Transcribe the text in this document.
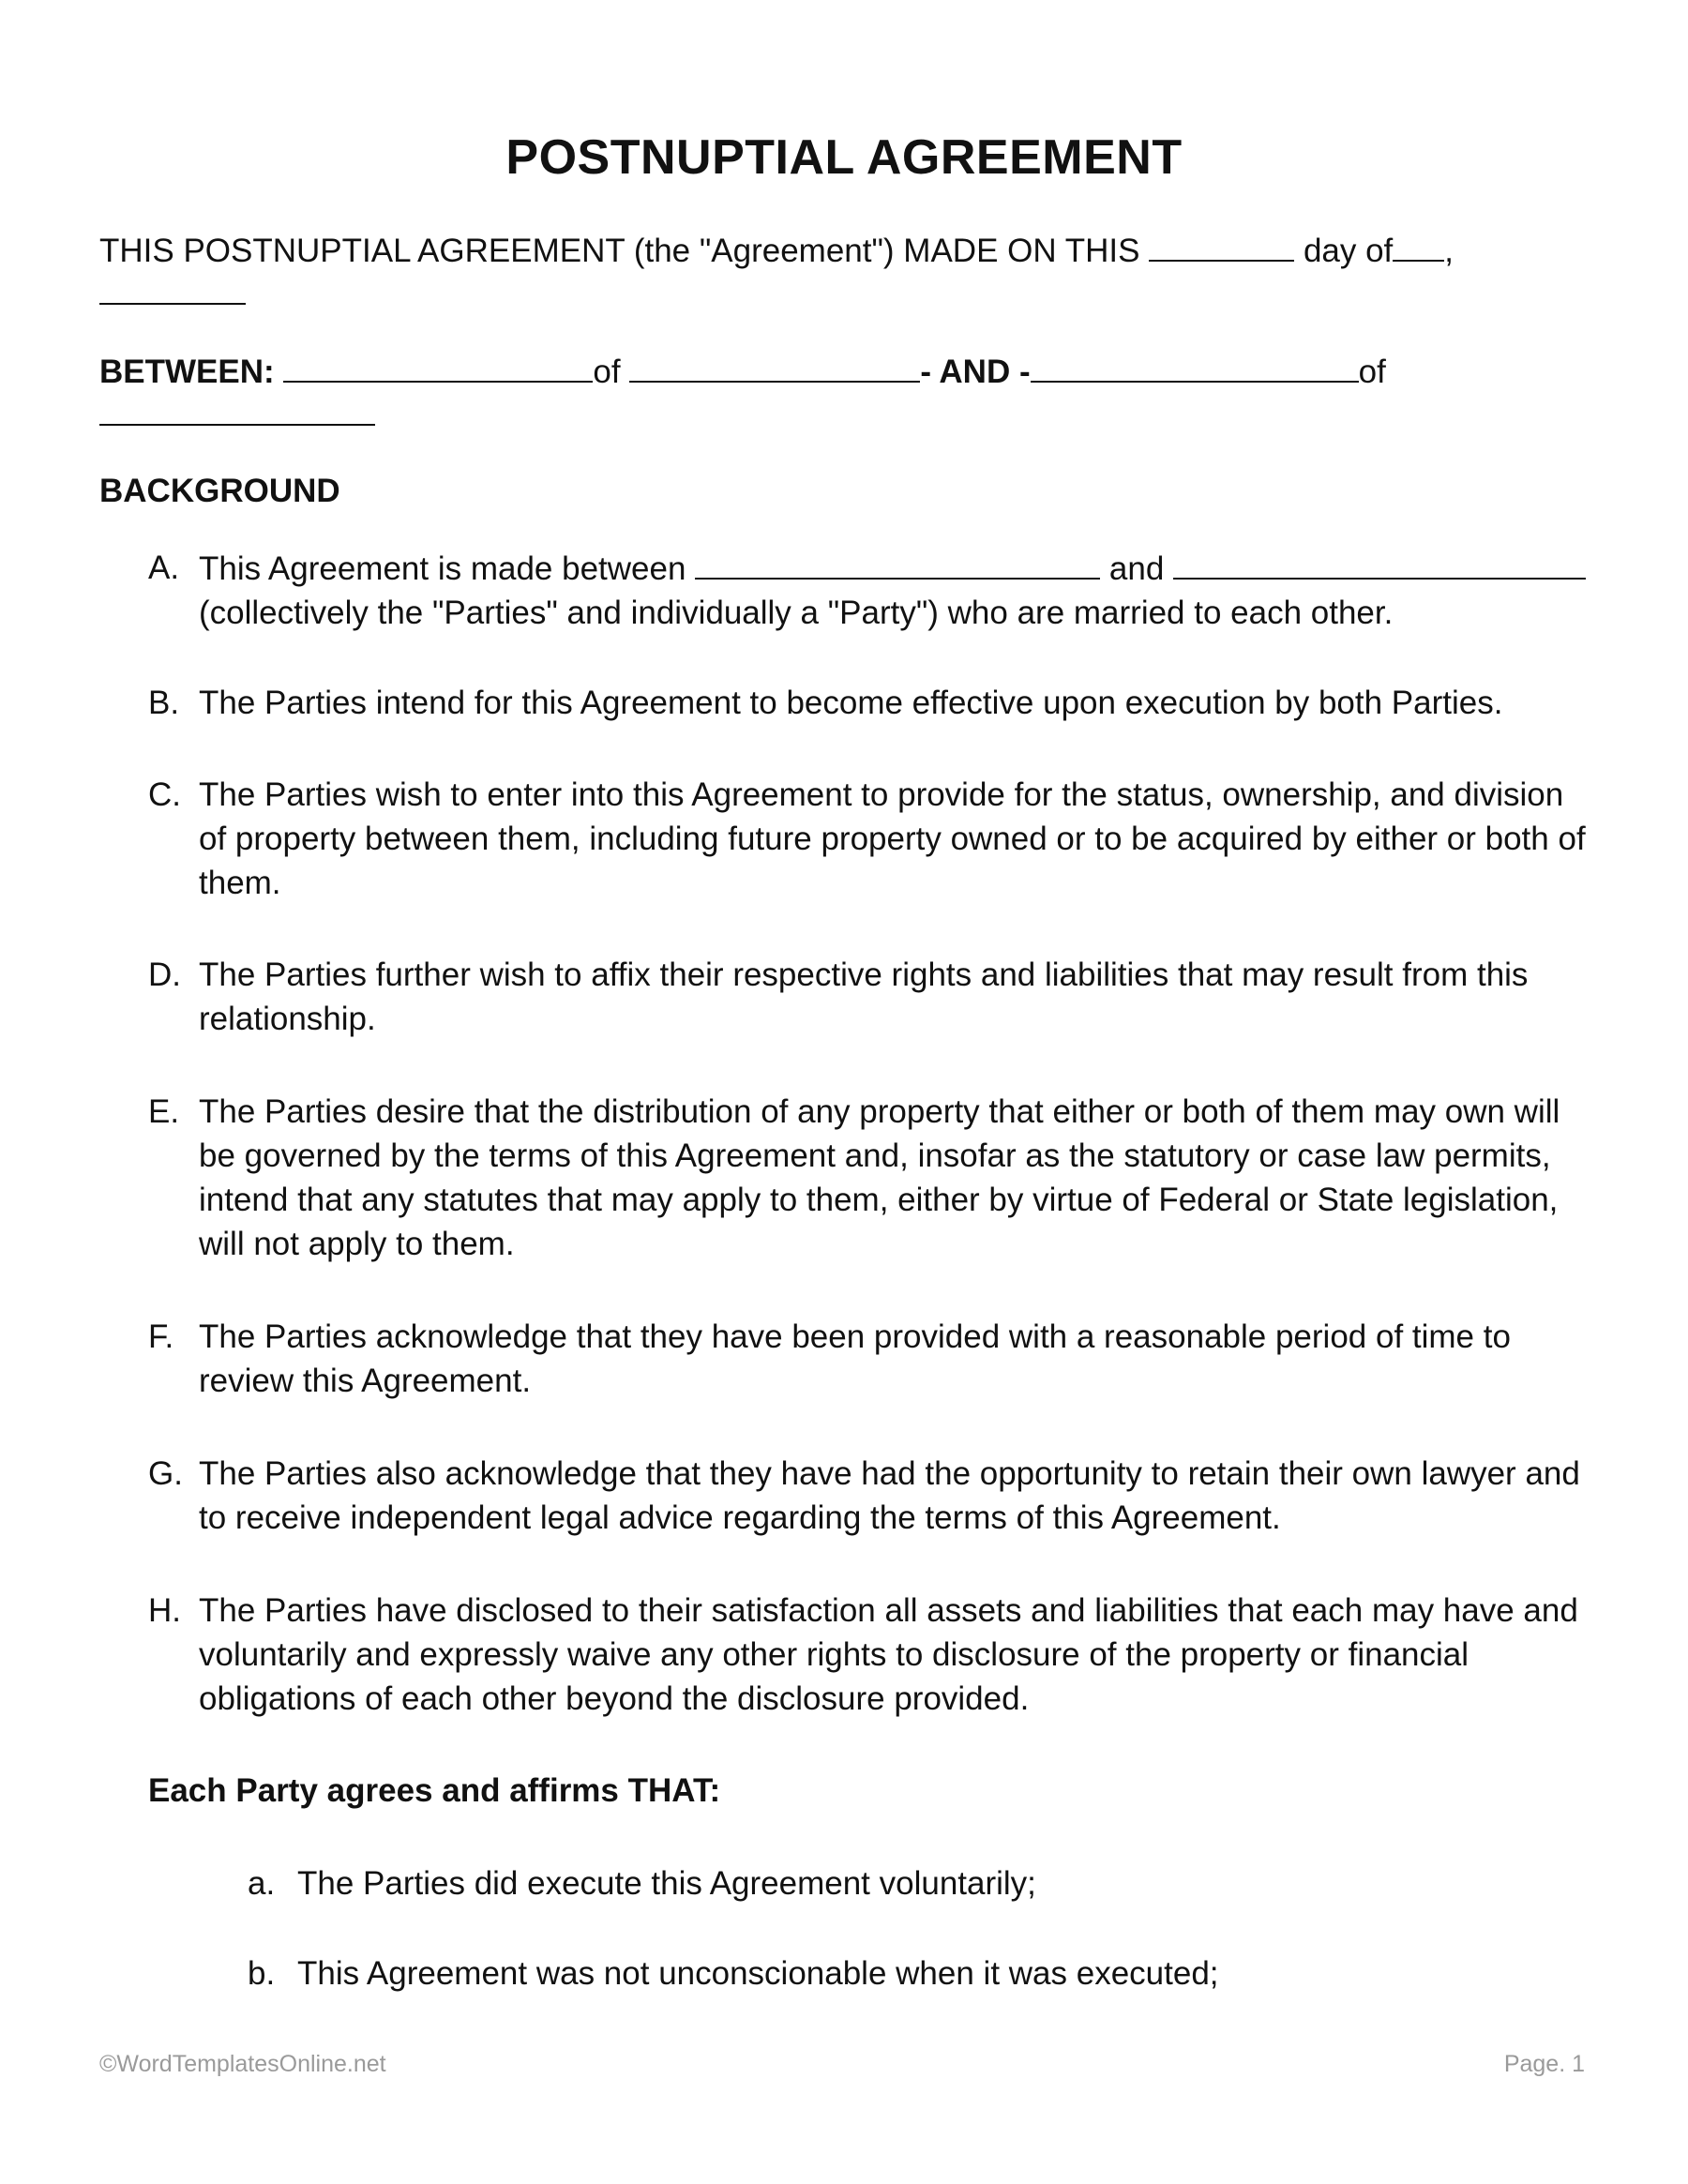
POSTNUPTIAL AGREEMENT
THIS POSTNUPTIAL AGREEMENT (the "Agreement") MADE ON THIS	day of ,
BETWEEN:	of	- AND -	of
BACKGROUND
A. This Agreement is made between	and
(collectively the "Parties" and individually a "Party") who are married to each other.
B. The Parties intend for this Agreement to become effective upon execution by both Parties.
C. The Parties wish to enter into this Agreement to provide for the status, ownership, and division of property between them, including future property owned or to be acquired by either or both of them.
D. The Parties further wish to affix their respective rights and liabilities that may result from this relationship.
E. The Parties desire that the distribution of any property that either or both of them may own will be governed by the terms of this Agreement and, insofar as the statutory or case law permits, intend that any statutes that may apply to them, either by virtue of Federal or State legislation, will not apply to them.
F. The Parties acknowledge that they have been provided with a reasonable period of time to review this Agreement.
G. The Parties also acknowledge that they have had the opportunity to retain their own lawyer and to receive independent legal advice regarding the terms of this Agreement.
H. The Parties have disclosed to their satisfaction all assets and liabilities that each may have and voluntarily and expressly waive any other rights to disclosure of the property or financial obligations of each other beyond the disclosure provided.
Each Party agrees and affirms THAT:
a. The Parties did execute this Agreement voluntarily;
b. This Agreement was not unconscionable when it was executed;
©WordTemplatesOnline.net	Page. 1
